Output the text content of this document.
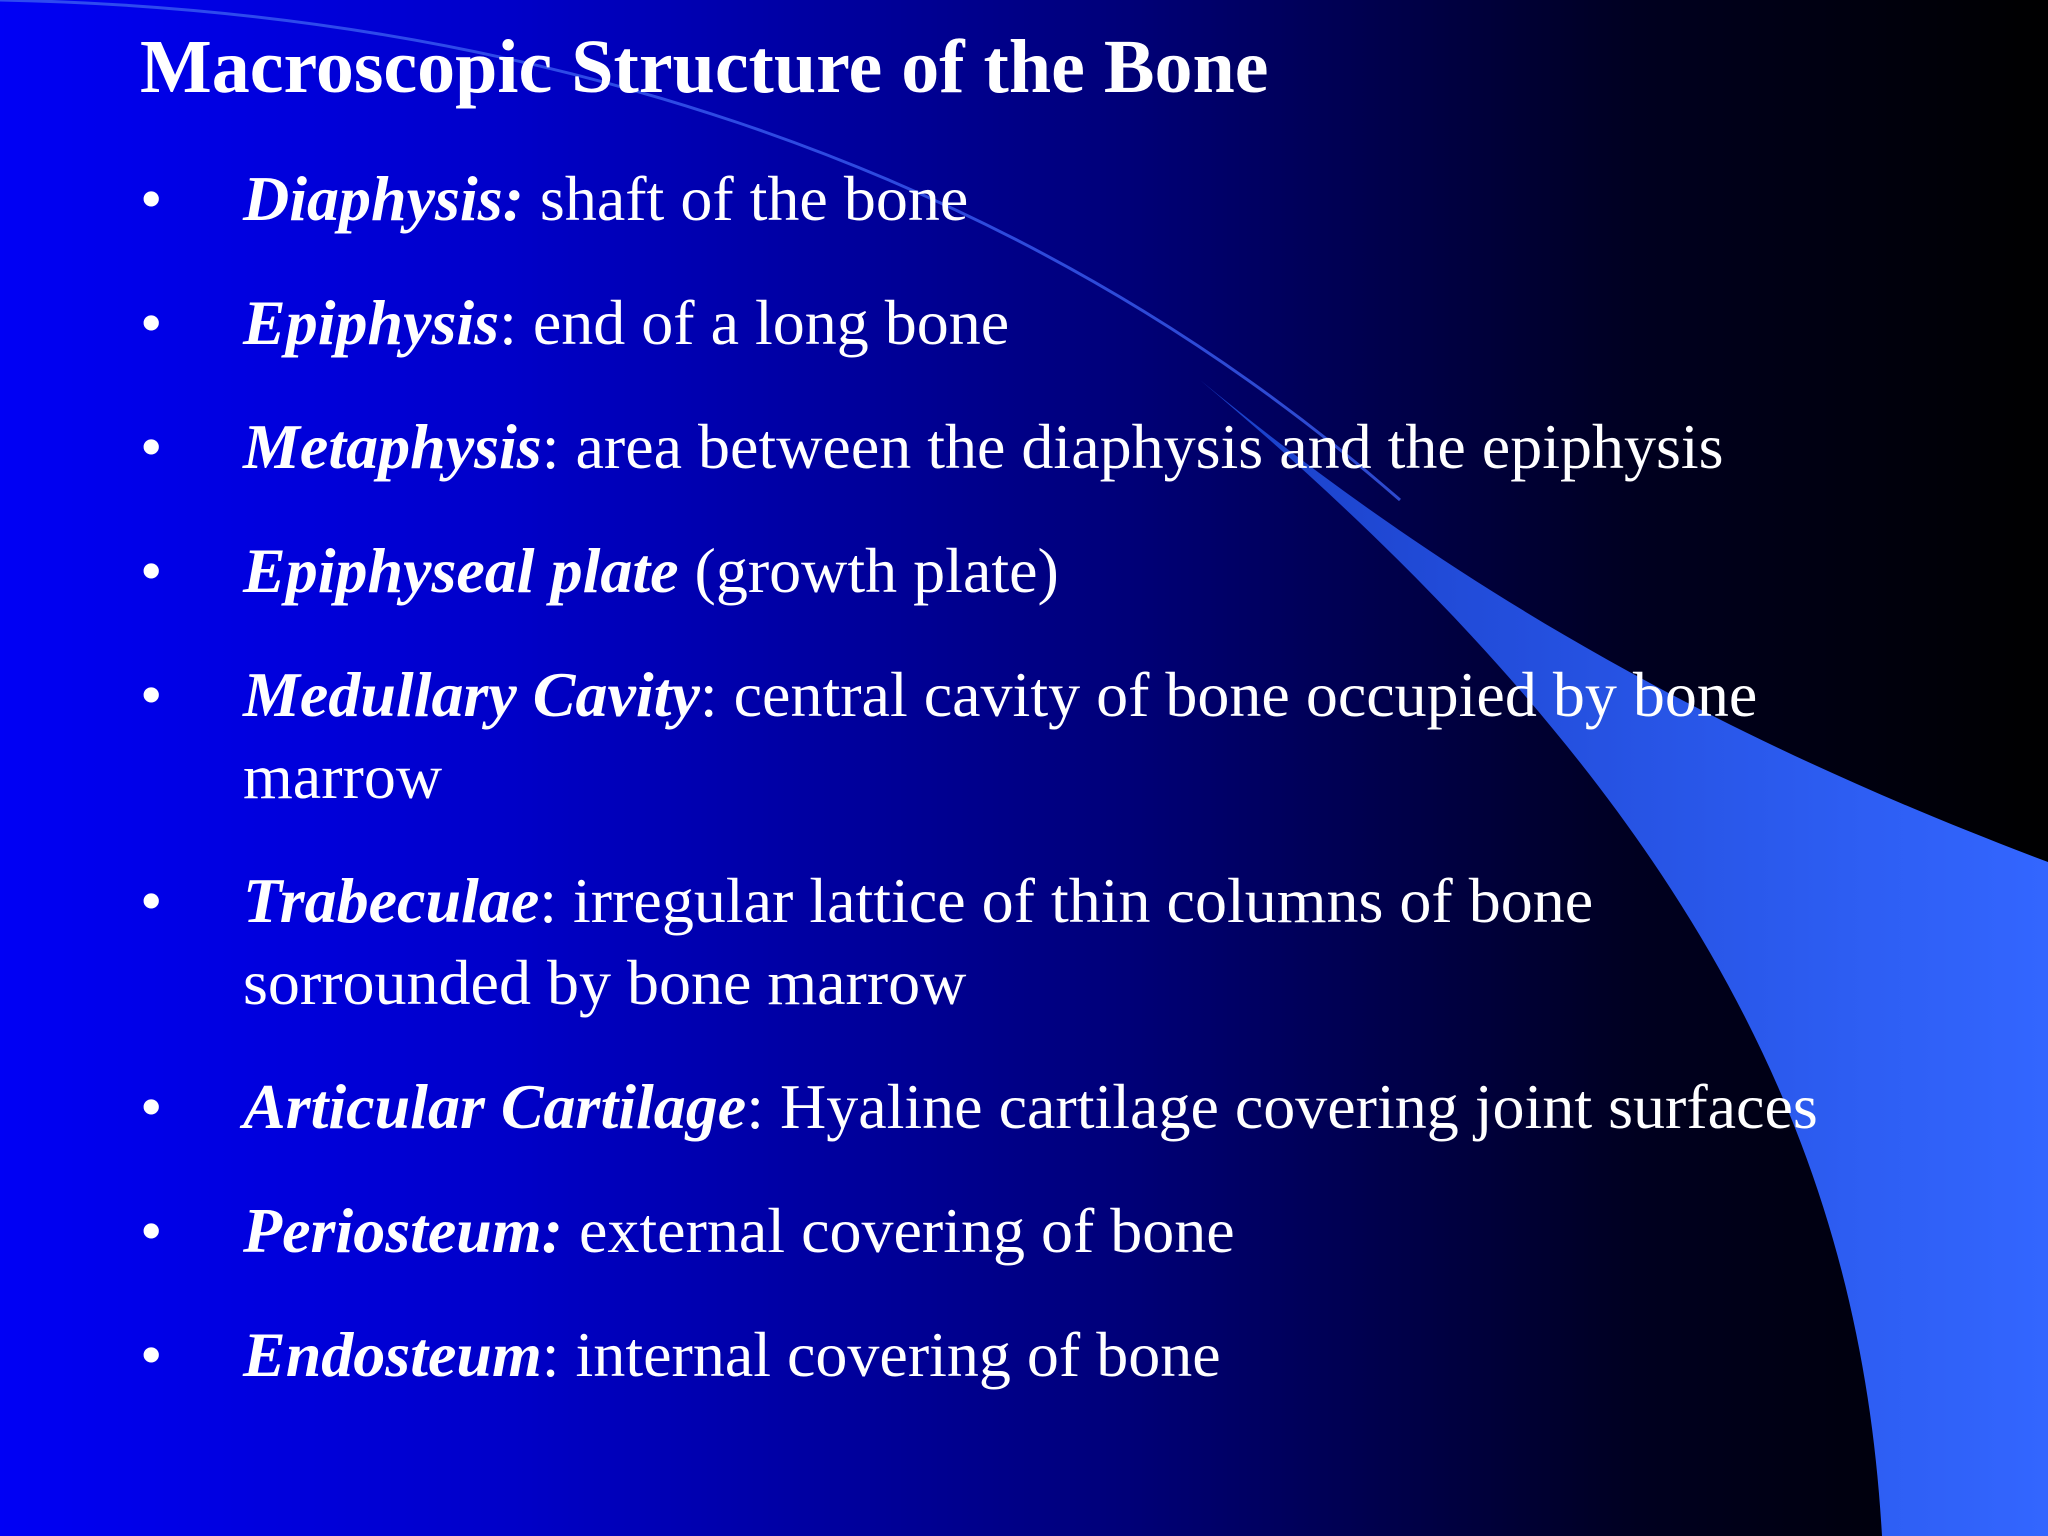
Macroscopic Structure of the Bone
• Diaphysis: shaft of the bone
• Epiphysis: end of a long bone
• Metaphysis: area between the diaphysis and the epiphysis
• Epiphyseal plate (growth plate)
• Medullary Cavity: central cavity of bone occupied by bone
marrow
• Trabeculae: irregular lattice of thin columns of bone
sorrounded by bone marrow
• Articular Cartilage: Hyaline cartilage covering joint surfaces
• Periosteum: external covering of bone
• Endosteum: internal covering of bone
